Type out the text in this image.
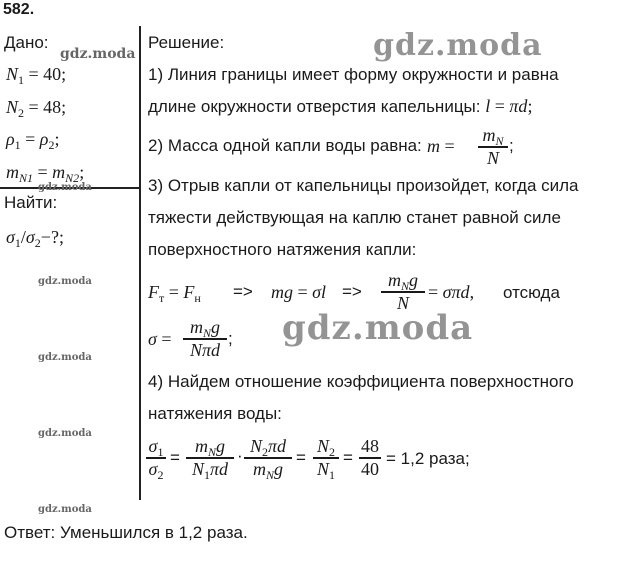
582.
Дано:
$N_1 = 40$;
$N_2 = 48$;
$\rho_1 = \rho_2$;
$m_{N1} = m_{N2}$;
Найти:
$\sigma_1/\sigma_2-$?;
Решение:
1) Линия границы имеет форму окружности и равна
длине окружности отверстия капельницы: l = πd;
2) Масса одной капли воды равна: m =
$m_N$
N
;
3) Отрыв капли от капельницы произойдет, когда сила
тяжести действующая на каплю станет равной силе
поверхностного натяжения капли:
$F_т = F_н$ => mg = σl =>
$m_Ng$
N
= σπd, отсюда
σ =
$m_Ng$
Nπd
;
4) Найдем отношение коэффициента поверхностного
натяжения воды:
$\sigma_1$
$\sigma_2$
=
$m_Ng$
$N_1\pi d$
· $N_2\pi d$
$m_Ng$
=
$N_2$
$N_1$
=
48
40 = 1,2 раза;
Ответ: Уменьшился в 1,2 раза.
gdz.moda
gdz.moda
gdz.moda
gdz.moda
gdz.moda
gdz.moda
gdz.moda
gdz.moda
